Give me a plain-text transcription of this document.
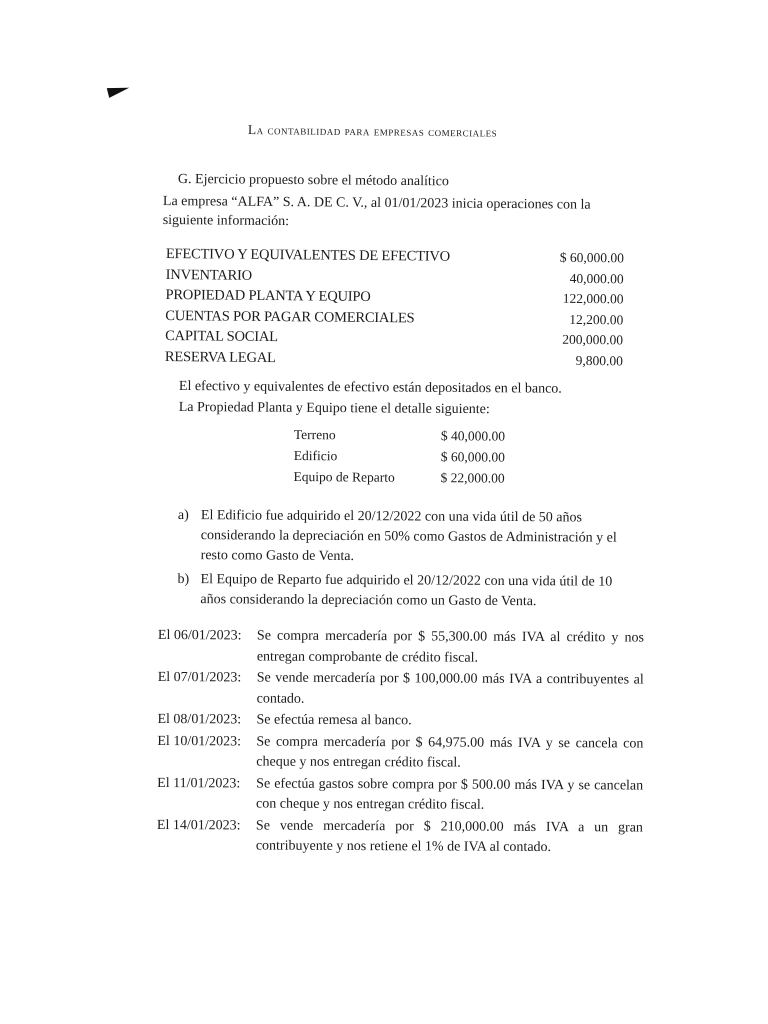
La contabilidad para empresas comerciales
G. Ejercicio propuesto sobre el método analítico
La empresa “ALFA” S. A. DE C. V., al 01/01/2023 inicia operaciones con la siguiente información:
EFECTIVO Y EQUIVALENTES DE EFECTIVO	$ 60,000.00
INVENTARIO	40,000.00
PROPIEDAD PLANTA Y EQUIPO	122,000.00
CUENTAS POR PAGAR COMERCIALES	12,200.00
CAPITAL SOCIAL	200,000.00
RESERVA LEGAL	9,800.00
El efectivo y equivalentes de efectivo están depositados en el banco.
La Propiedad Planta y Equipo tiene el detalle siguiente:
Terreno	$ 40,000.00
Edificio	$ 60,000.00
Equipo de Reparto	$ 22,000.00
a) El Edificio fue adquirido el 20/12/2022 con una vida útil de 50 años considerando la depreciación en 50% como Gastos de Administración y el resto como Gasto de Venta.
b) El Equipo de Reparto fue adquirido el 20/12/2022 con una vida útil de 10 años considerando la depreciación como un Gasto de Venta.
El 06/01/2023:	Se compra mercadería por $ 55,300.00 más IVA al crédito y nos entregan comprobante de crédito fiscal.
El 07/01/2023:	Se vende mercadería por $ 100,000.00 más IVA a contribuyentes al contado.
El 08/01/2023:	Se efectúa remesa al banco.
El 10/01/2023:	Se compra mercadería por $ 64,975.00 más IVA y se cancela con cheque y nos entregan crédito fiscal.
El 11/01/2023:	Se efectúa gastos sobre compra por $ 500.00 más IVA y se cancelan con cheque y nos entregan crédito fiscal.
El 14/01/2023:	Se vende mercadería por $ 210,000.00 más IVA a un gran contribuyente y nos retiene el 1% de IVA al contado.
